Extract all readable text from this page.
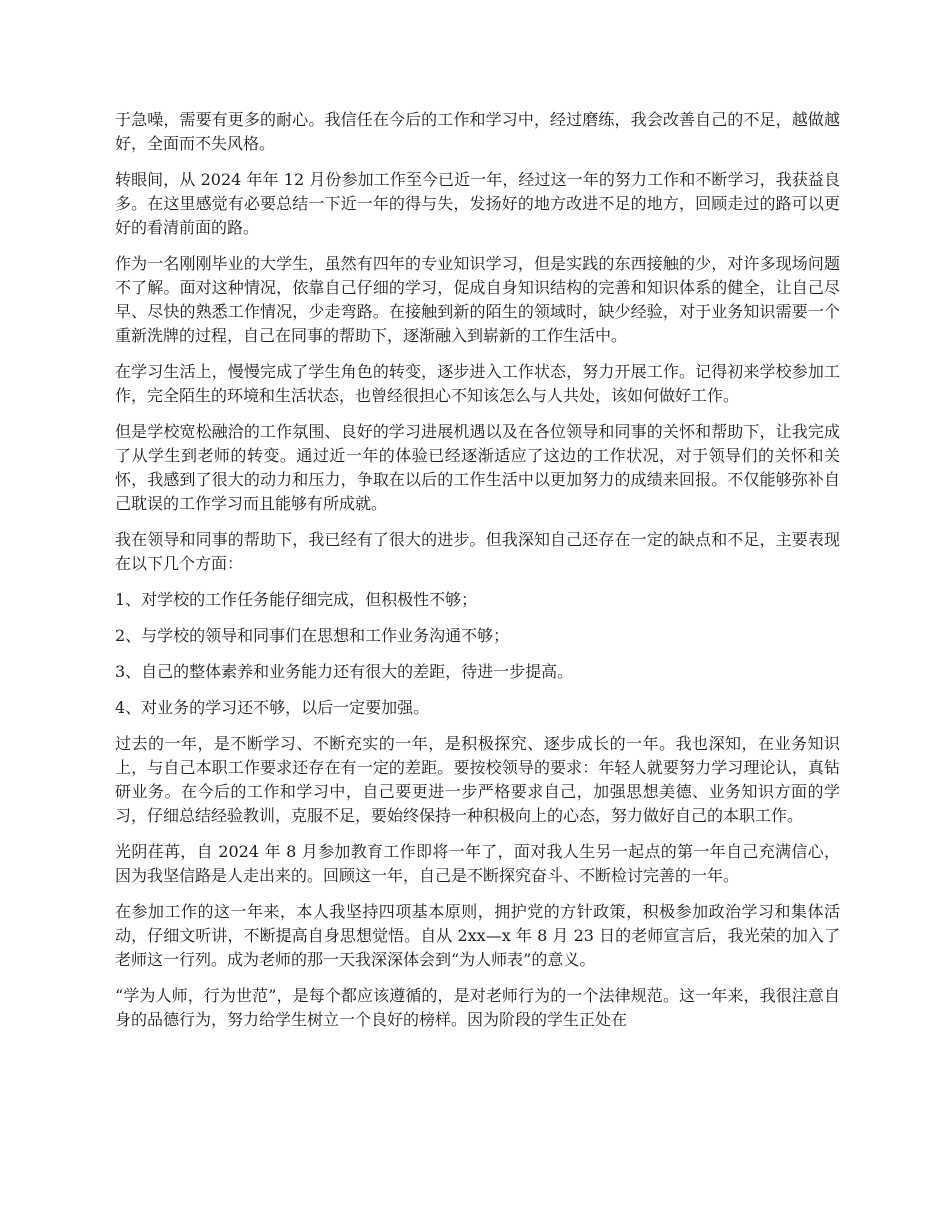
于急噪，需要有更多的耐心。我信任在今后的工作和学习中，经过磨练，我会改善自己的不足，越做越好，全面而不失风格。

转眼间，从 2024 年年 12 月份参加工作至今已近一年，经过这一年的努力工作和不断学习，我获益良多。在这里感觉有必要总结一下近一年的得与失，发扬好的地方改进不足的地方，回顾走过的路可以更好的看清前面的路。

作为一名刚刚毕业的大学生，虽然有四年的专业知识学习，但是实践的东西接触的少，对许多现场问题不了解。面对这种情况，依靠自己仔细的学习，促成自身知识结构的完善和知识体系的健全，让自己尽早、尽快的熟悉工作情况，少走弯路。在接触到新的陌生的领域时，缺少经验，对于业务知识需要一个重新洗牌的过程，自己在同事的帮助下，逐渐融入到崭新的工作生活中。

在学习生活上，慢慢完成了学生角色的转变，逐步进入工作状态，努力开展工作。记得初来学校参加工作，完全陌生的环境和生活状态，也曾经很担心不知该怎么与人共处，该如何做好工作。

但是学校宽松融洽的工作氛围、良好的学习进展机遇以及在各位领导和同事的关怀和帮助下，让我完成了从学生到老师的转变。通过近一年的体验已经逐渐适应了这边的工作状况，对于领导们的关怀和关怀，我感到了很大的动力和压力，争取在以后的工作生活中以更加努力的成绩来回报。不仅能够弥补自己耽误的工作学习而且能够有所成就。

我在领导和同事的帮助下，我已经有了很大的进步。但我深知自己还存在一定的缺点和不足，主要表现在以下几个方面：

1、对学校的工作任务能仔细完成，但积极性不够；

2、与学校的领导和同事们在思想和工作业务沟通不够；

3、自己的整体素养和业务能力还有很大的差距，待进一步提高。

4、对业务的学习还不够，以后一定要加强。

过去的一年，是不断学习、不断充实的一年，是积极探究、逐步成长的一年。我也深知，在业务知识上，与自己本职工作要求还存在有一定的差距。要按校领导的要求：年轻人就要努力学习理论认，真钻研业务。在今后的工作和学习中，自己要更进一步严格要求自己，加强思想美德、业务知识方面的学习，仔细总结经验教训，克服不足，要始终保持一种积极向上的心态，努力做好自己的本职工作。

光阴荏苒，自 2024 年 8 月参加教育工作即将一年了，面对我人生另一起点的第一年自己充满信心，因为我坚信路是人走出来的。回顾这一年，自己是不断探究奋斗、不断检讨完善的一年。

在参加工作的这一年来，本人我坚持四项基本原则，拥护党的方针政策，积极参加政治学习和集体活动，仔细文听讲，不断提高自身思想觉悟。自从 2xx—x 年 8 月 23 日的老师宣言后，我光荣的加入了老师这一行列。成为老师的那一天我深深体会到“为人师表”的意义。

“学为人师，行为世范”，是每个都应该遵循的，是对老师行为的一个法律规范。这一年来，我很注意自身的品德行为，努力给学生树立一个良好的榜样。因为阶段的学生正处在
